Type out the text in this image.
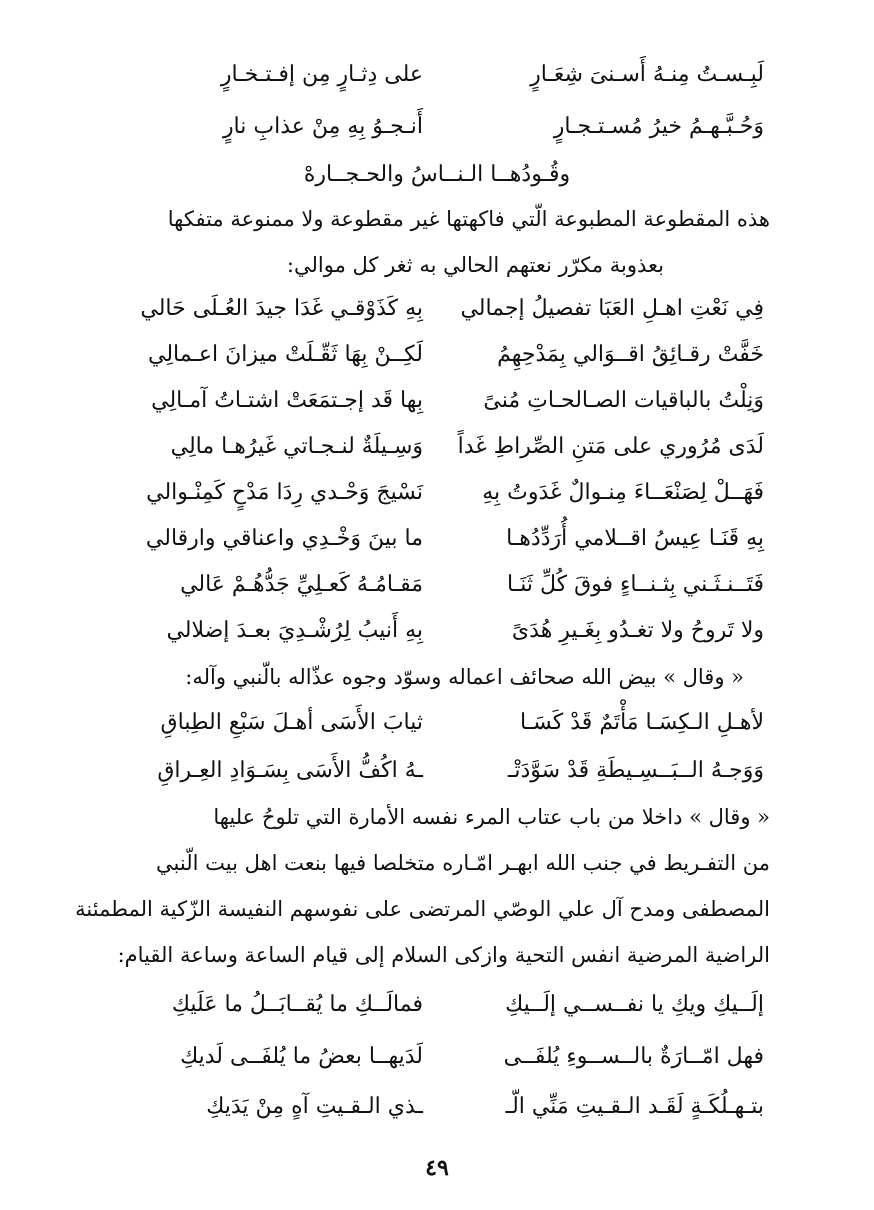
لَبِـسـتُ مِنـهُ أَسـنىَ شِعَـارٍ
على دِثـارٍ مِن إفـتـخـارٍ
وَحُـبَّـهـمُ خيرُ مُسـتـجـارٍ
أَنـجـوُ بِهِ مِنْ عذابِ نارٍ
وقُـودُهــا الـنــاسُ والحـجــارهْ
هذه المقطوعة المطبوعة الّتي فاكهتها غير مقطوعة ولا ممنوعة متفكها
بعذوبة مكرّر نعتهم الحالي به ثغر كل موالي:
فِي نَعْتِ اهـلِ العَبَا تفصيلُ إجمالي
بِهِ كَذَوْقـي غَدَا جيدَ العُـلَى حَالي
خَفَّتْ رقـائِقُ اقــوَالي بِمَدْحِهِمُ
لَكِــنْ بِهَا ثَقّـلَتْ ميزانَ اعـمالِي
وَنِلْتُ بالباقيات الصـالحـاتِ مُنىً
بِها قَد إجـتمَعَتْ اشتـاتُ آمـالِي
لَدَى مُرُوري على مَتنِ الصِّراطِ غَداً
وَسِـيلَةٌ لنـجـاتي غَيرُهـا مالِي
فَهَــلْ لِصَنْعَــاءَ مِنـوالٌ غَدَوتُ بِهِ
نَسْيجَ وَحْـدي رِدَا مَدْحٍ كَمِنْـوالي
بِهِ قَنَـا عِيسُ اقــلامي أُرَدِّدُهـا
ما بينَ وَخْـدِي واعناقي وارقالي
فَتَــنـثَـني بِثـنــاءٍ فوقَ كُلِّ ثَنَـا
مَقـامُـهُ كَعـلِيِّ جَدُّهُـمْ عَالي
ولا تَروحُ ولا تغـدُو بِغَـيرِ هُدَىً
بِهِ أَنيبُ لِرُشْـدِيَ بعـدَ إضلالي
« وقال » بيض الله صحائف اعماله وسوّد وجوه عذّاله بالّنبي وآله:
لأهـلِ الـكِسَـا مَأْتَمٌ قَدْ كَسَـا
ثيابَ الأَسَى أهـلَ سَبْعِ الطِباقِ
وَوَجـهُ الــبَــسِـيطَةِ قَدْ سَوَّدَتْـ
ـهُ اكُفُّ الأَسَى بِسَـوَادِ العِـراقِ
« وقال » داخلا من باب عتاب المرء نفسه الأمارة التي تلوحُ عليها
من التفـريط في جنب الله ابهـر امّـاره متخلصا فيها بنعت اهل بيت الّنبي
المصطفى ومدح آل علي الوصّي المرتضى على نفوسهم النفيسة الزّكية المطمئنة
الراضية المرضية انفس التحية وازكى السلام إلى قيام الساعة وساعة القيام:
إلَــيكِ ويكِ يا نفــســي إلَــيكِ
فمالَــكِ ما يُقــابَــلُ ما عَلَيكِ
فهل امّــارَةٌ بالــســوءِ يُلفَــى
لَدَيهــا بعضُ ما يُلفَــى لَديكِ
بتـهـلُكَـةٍ لَقَـد الـقـيتِ مَنِّي الّـ
ـذي الـقـيتِ آهٍ مِنْ يَدَيكِ
٤٩
